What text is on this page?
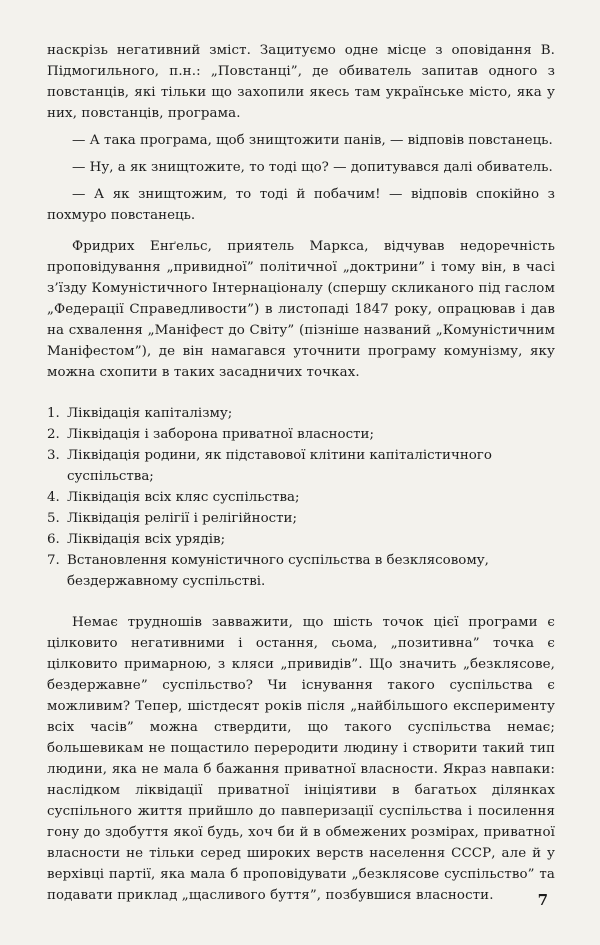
наскрізь негативний зміст. Зацитуємо одне місце з оповідання В. Підмогильного, п.н.: „Повстанці”, де обиватель запитав одного з повстанців, які тільки що захопили якесь там українське місто, яка у них, повстанців, програма.

— А така програма, щоб знищтожити панів, — відповів повстанець.

— Ну, а як знищтожите, то тоді що? — допитувався далі обиватель.

— А як знищтожим, то тоді й побачим! — відповів спокійно з похмуро повстанець.

Фридрих Енґельс, приятель Маркса, відчував недоречність проповідування „привидної” політичної „доктрини” і тому він, в часі з’їзду Комуністичного Інтернаціоналу (спершу скликаного під гаслом „Федерації Справедливости”) в листопаді 1847 року, опрацював і дав на схвалення „Маніфест до Світу” (пізніше названий „Комуністичним Маніфестом”), де він намагався уточнити програму комунізму, яку можна схопити в таких засадничих точках.

1. Ліквідація капіталізму;
2. Ліквідація і заборона приватної власности;
3. Ліквідація родини, як підставової клітини капіталістичного суспільства;
4. Ліквідація всіх кляс суспільства;
5. Ліквідація релігії і релігійности;
6. Ліквідація всіх урядів;
7. Встановлення комуністичного суспільства в безклясовому, бездержавному суспільстві.

Немає трудношів завважити, що шість точок цієї програми є цілковито негативними і остання, сьома, „позитивна” точка є цілковито примарною, з кляси „привидів”. Що значить „безклясове, бездержавне” суспільство? Чи існування такого суспільства є можливим? Тепер, шістдесят років після „найбільшого експерименту всіх часів” можна ствердити, що такого суспільства немає; большевикам не пощастило переродити людину і створити такий тип людини, яка не мала б бажання приватної власности. Якраз навпаки: наслідком ліквідації приватної ініціятиви в багатьох ділянках суспільного життя прийшло до павперизації суспільства і посилення гону до здобуття якої будь, хоч би й в обмежених розмірах, приватної власности не тільки серед широких верств населення СССР, але й у верхівці партії, яка мала б проповідувати „безклясове суспільство” та подавати приклад „щасливого буття”, позбувшися власности.	7
